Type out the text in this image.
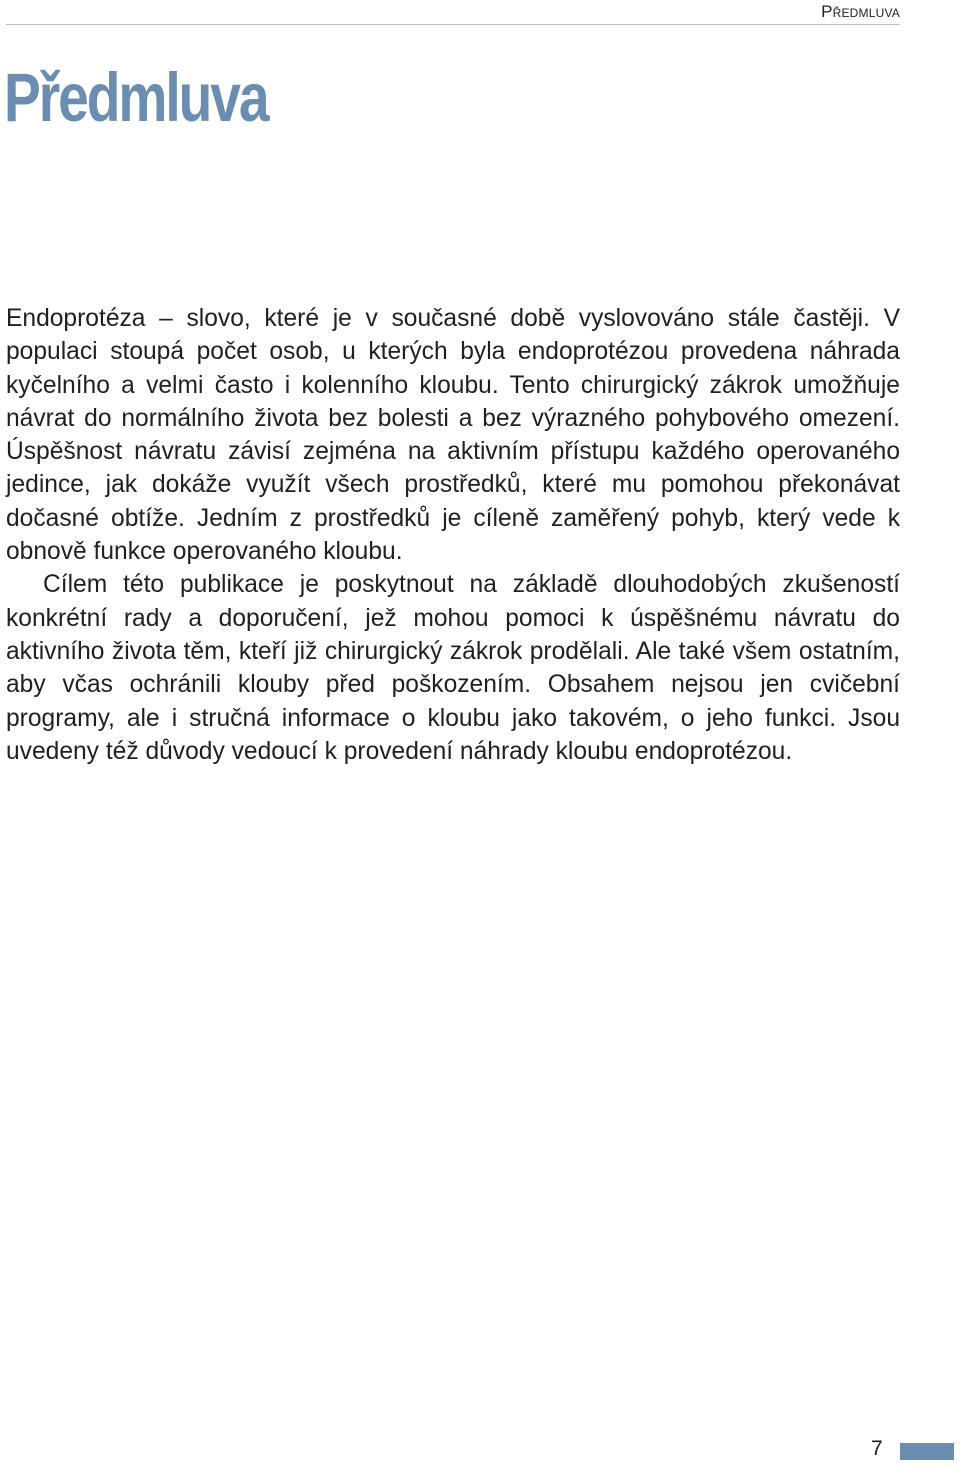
Předmluva
Předmluva

Endoprotéza – slovo, které je v současné době vyslovováno stále častěji. V populaci stoupá počet osob, u kterých byla endoprotézou provedena náhrada kyčelního a velmi často i kolenního kloubu. Tento chirurgický zákrok umožňuje návrat do normálního života bez bolesti a bez výrazného pohybového omezení. Úspěšnost návratu závisí zejména na aktivním přístupu každého operovaného jedince, jak dokáže využít všech prostředků, které mu pomohou překonávat dočasné obtíže. Jedním z prostředků je cíleně zaměřený pohyb, který vede k obnově funkce operovaného kloubu.

Cílem této publikace je poskytnout na základě dlouhodobých zkušeností konkrétní rady a doporučení, jež mohou pomoci k úspěšnému návratu do aktivního života těm, kteří již chirurgický zákrok prodělali. Ale také všem ostatním, aby včas ochránili klouby před poškozením. Obsahem nejsou jen cvičební programy, ale i stručná informace o kloubu jako takovém, o jeho funkci. Jsou uvedeny též důvody vedoucí k provedení náhrady kloubu endoprotézou.

7
